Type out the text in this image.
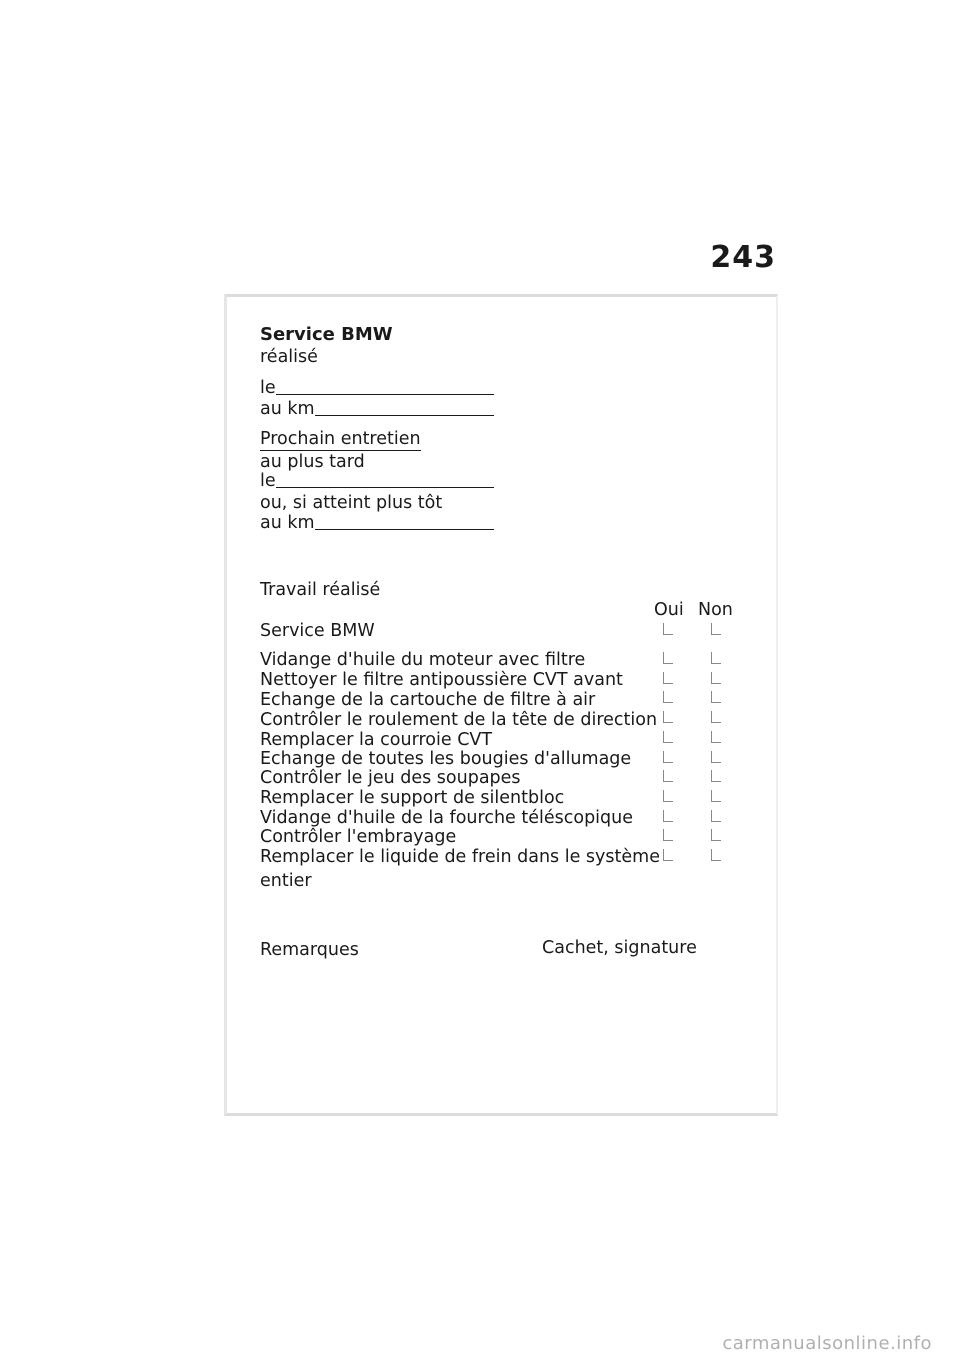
243
Service BMW
réalisé
le
au km
Prochain entretien
au plus tard
le
ou, si atteint plus tôt
au km
Travail réalisé
Oui Non
Service BMW
Vidange d'huile du moteur avec filtre
Nettoyer le filtre antipoussière CVT avant
Echange de la cartouche de filtre à air
Contrôler le roulement de la tête de direction
Remplacer la courroie CVT
Echange de toutes les bougies d'allumage
Contrôler le jeu des soupapes
Remplacer le support de silentbloc
Vidange d'huile de la fourche téléscopique
Contrôler l'embrayage
Remplacer le liquide de frein dans le système
entier
Remarques	Cachet, signature
carmanualsonline.info
